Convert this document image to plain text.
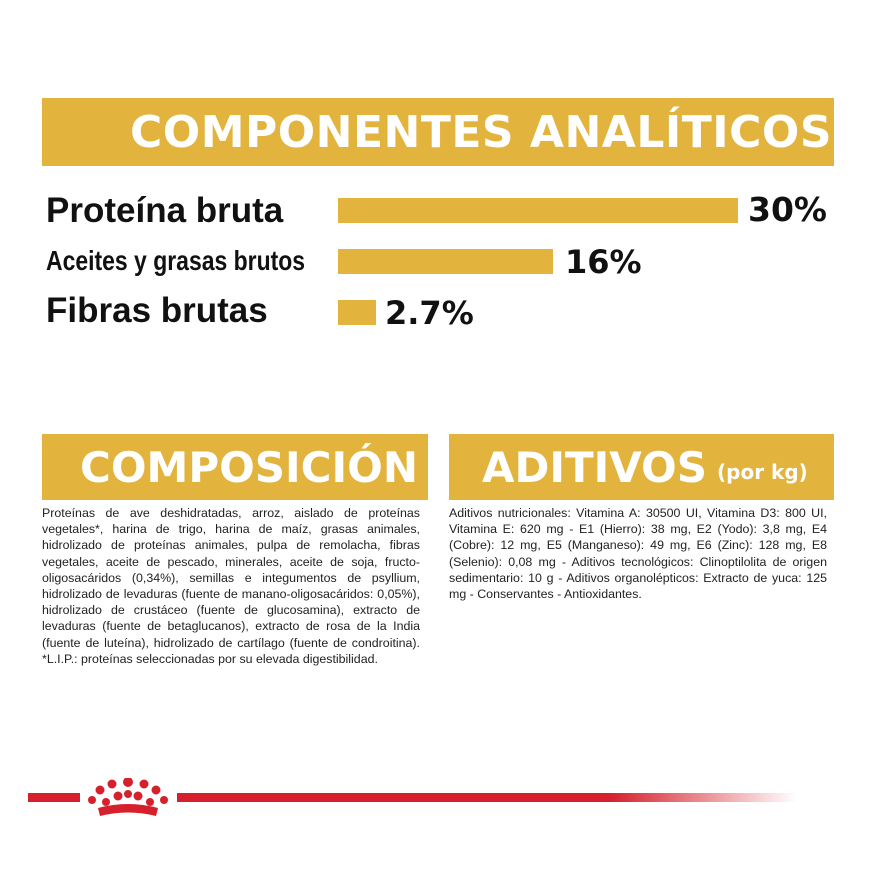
COMPONENTES ANALÍTICOS
Proteína bruta	30%
Aceites y grasas brutos	16%
Fibras brutas	2.7%
COMPOSICIÓN

Proteínas de ave deshidratadas, arroz, aislado de proteínas vegetales*, harina de trigo, harina de maíz, grasas animales, hidrolizado de proteínas animales, pulpa de remolacha, fibras vegetales, aceite de pescado, minerales, aceite de soja, fructo-oligosacáridos (0,34%), semillas e integumentos de psyllium, hidrolizado de levaduras (fuente de manano-oligosacáridos: 0,05%), hidrolizado de crustáceo (fuente de glucosamina), extracto de levaduras (fuente de betaglucanos), extracto de rosa de la India (fuente de luteína), hidrolizado de cartílago (fuente de condroitina). *L.I.P.: proteínas seleccionadas por su elevada digestibilidad.

ADITIVOS (por kg)

Aditivos nutricionales: Vitamina A: 30500 UI, Vitamina D3: 800 UI, Vitamina E: 620 mg - E1 (Hierro): 38 mg, E2 (Yodo): 3,8 mg, E4 (Cobre): 12 mg, E5 (Manganeso): 49 mg, E6 (Zinc): 128 mg, E8 (Selenio): 0,08 mg - Aditivos tecnológicos: Clinoptilolita de origen sedimentario: 10 g - Aditivos organolépticos: Extracto de yuca: 125 mg - Conservantes - Antioxidantes.
